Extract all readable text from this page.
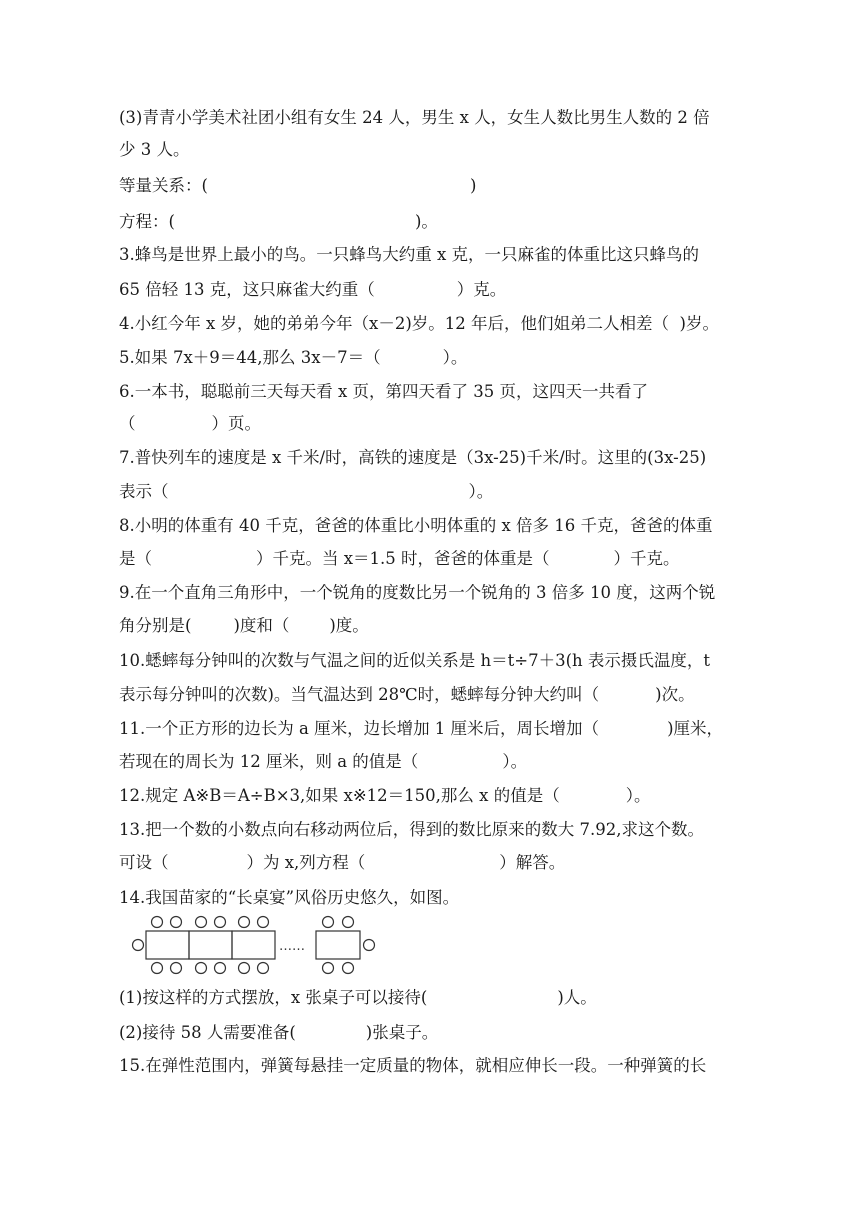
(3)青青小学美术社团小组有女生 24 人，男生 x 人，女生人数比男生人数的 2 倍
少 3 人。
等量关系：(	)
方程：(	)。
3.蜂鸟是世界上最小的鸟。一只蜂鸟大约重 x 克，一只麻雀的体重比这只蜂鸟的
65 倍轻 13 克，这只麻雀大约重（	）克。
4.小红今年 x 岁，她的弟弟今年（x－2)岁。12 年后，他们姐弟二人相差（  )岁。
5.如果 7x＋9＝44,那么 3x－7＝（	）。
6.一本书，聪聪前三天每天看 x 页，第四天看了 35 页，这四天一共看了
（	）页。
7.普快列车的速度是 x 千米/时，高铁的速度是（3x-25)千米/时。这里的(3x-25)
表示（	）。
8.小明的体重有 40 千克，爸爸的体重比小明体重的 x 倍多 16 千克，爸爸的体重
是（	）千克。当 x＝1.5 时，爸爸的体重是（	）千克。
9.在一个直角三角形中，一个锐角的度数比另一个锐角的 3 倍多 10 度，这两个锐
角分别是(	)度和（ )度。
10.蟋蟀每分钟叫的次数与气温之间的近似关系是 h＝t÷7＋3(h 表示摄氏温度，t
表示每分钟叫的次数)。当气温达到 28℃时，蟋蟀每分钟大约叫（	)次。
11.一个正方形的边长为 a 厘米，边长增加 1 厘米后，周长增加（	)厘米，
若现在的周长为 12 厘米，则 a 的值是（	）。
12.规定 A※B＝A÷B×3,如果 x※12＝150,那么 x 的值是（	）。
13.把一个数的小数点向右移动两位后，得到的数比原来的数大 7.92,求这个数。
可设（	）为 x,列方程（	）解答。
14.我国苗家的“长桌宴”风俗历史悠久，如图。
……
(1)按这样的方式摆放，x 张桌子可以接待(	)人。
(2)接待 58 人需要准备(	)张桌子。
15.在弹性范围内，弹簧每悬挂一定质量的物体，就相应伸长一段。一种弹簧的长
